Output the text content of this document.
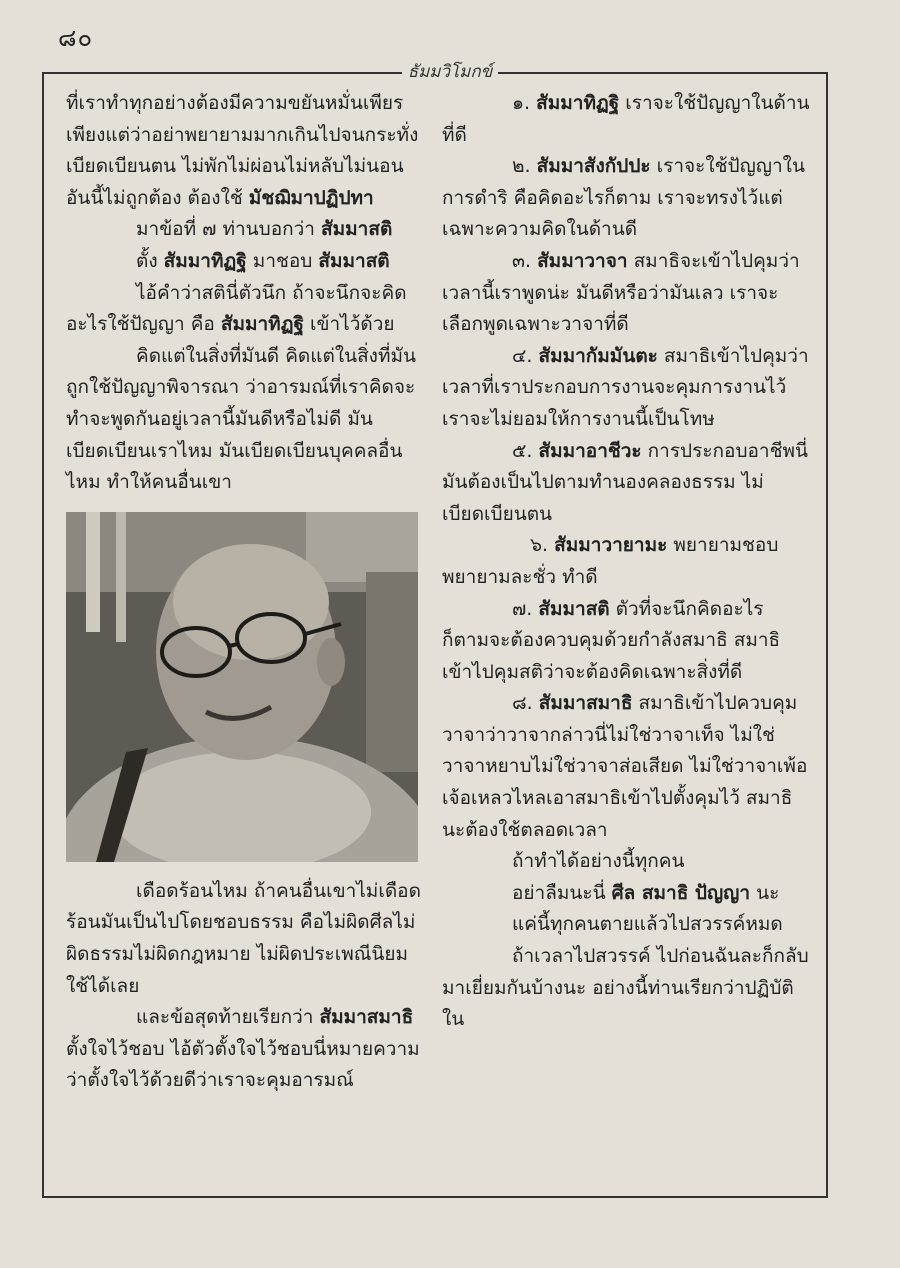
๘๐
ธัมมวิโมกข์

ที่เราทำทุกอย่างต้องมีความขยันหมั่นเพียร เพียงแต่ว่าอย่าพยายามมากเกินไปจนกระทั่งเบียดเบียนตน ไม่พักไม่ผ่อนไม่หลับไม่นอน อันนี้ไม่ถูกต้อง ต้องใช้ มัชฌิมาปฏิปทา

มาข้อที่ ๗ ท่านบอกว่า สัมมาสติ

ตั้ง สัมมาทิฏฐิ มาชอบ สัมมาสติ

ไอ้คำว่าสตินี่ตัวนึก ถ้าจะนึกจะคิดอะไรใช้ปัญญา คือ สัมมาทิฏฐิ เข้าไว้ด้วย

คิดแต่ในสิ่งที่มันดี คิดแต่ในสิ่งที่มันถูกใช้ปัญญาพิจารณา ว่าอารมณ์ที่เราคิดจะทำจะพูดกันอยู่เวลานี้มันดีหรือไม่ดี มันเบียดเบียนเราไหม มันเบียดเบียนบุคคลอื่นไหม ทำให้คนอื่นเขา

เดือดร้อนไหม ถ้าคนอื่นเขาไม่เดือดร้อนมันเป็นไปโดยชอบธรรม คือไม่ผิดศีลไม่ผิดธรรมไม่ผิดกฎหมาย ไม่ผิดประเพณีนิยม ใช้ได้เลย

และข้อสุดท้ายเรียกว่า สัมมาสมาธิ ตั้งใจไว้ชอบ ไอ้ตัวตั้งใจไว้ชอบนี่หมายความว่าตั้งใจไว้ด้วยดีว่าเราจะคุมอารมณ์

๑. สัมมาทิฏฐิ เราจะใช้ปัญญาในด้านที่ดี

๒. สัมมาสังกัปปะ เราจะใช้ปัญญาในการดำริ คือคิดอะไรก็ตาม เราจะทรงไว้แต่เฉพาะความคิดในด้านดี

๓. สัมมาวาจา สมาธิจะเข้าไปคุมว่าเวลานี้เราพูดน่ะ มันดีหรือว่ามันเลว เราจะเลือกพูดเฉพาะวาจาที่ดี

๔. สัมมากัมมันตะ สมาธิเข้าไปคุมว่าเวลาที่เราประกอบการงานจะคุมการงานไว้ เราจะไม่ยอมให้การงานนี้เป็นโทษ

๕. สัมมาอาชีวะ การประกอบอาชีพนี่มันต้องเป็นไปตามทำนองคลองธรรม ไม่เบียดเบียนตน

๖. สัมมาวายามะ พยายามชอบ พยายามละชั่ว ทำดี

๗. สัมมาสติ ตัวที่จะนึกคิดอะไรก็ตามจะต้องควบคุมด้วยกำลังสมาธิ สมาธิเข้าไปคุมสติว่าจะต้องคิดเฉพาะสิ่งที่ดี

๘. สัมมาสมาธิ สมาธิเข้าไปควบคุมวาจาว่าวาจากล่าวนี่ไม่ใช่วาจาเท็จ ไม่ใช่วาจาหยาบไม่ใช่วาจาส่อเสียด ไม่ใช่วาจาเพ้อเจ้อเหลวไหลเอาสมาธิเข้าไปตั้งคุมไว้ สมาธินะต้องใช้ตลอดเวลา

ถ้าทำได้อย่างนี้ทุกคน

อย่าลืมนะนี่ ศีล สมาธิ ปัญญา นะ

แค่นี้ทุกคนตายแล้วไปสวรรค์หมด

ถ้าเวลาไปสวรรค์ ไปก่อนฉันละก็กลับมาเยี่ยมกันบ้างนะ อย่างนี้ท่านเรียกว่าปฏิบัติใน
